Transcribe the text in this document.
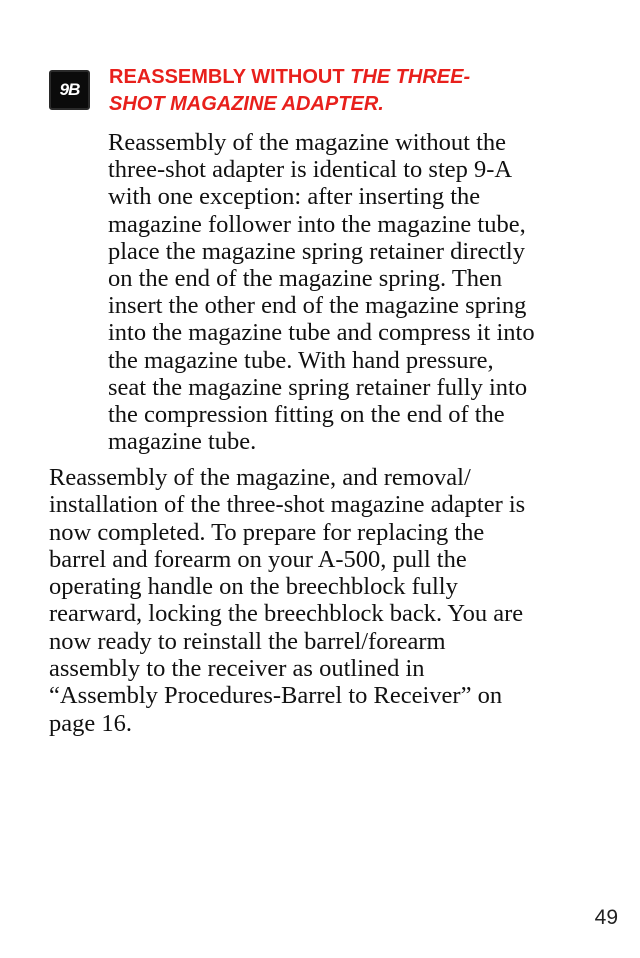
9B
REASSEMBLY WITHOUT THE THREE-
SHOT MAGAZINE ADAPTER.

Reassembly of the magazine without the
three-shot adapter is identical to step 9-A
with one exception: after inserting the
magazine follower into the magazine tube,
place the magazine spring retainer directly
on the end of the magazine spring. Then
insert the other end of the magazine spring
into the magazine tube and compress it into
the magazine tube. With hand pressure,
seat the magazine spring retainer fully into
the compression fitting on the end of the
magazine tube.

Reassembly of the magazine, and removal/
installation of the three-shot magazine adapter is
now completed. To prepare for replacing the
barrel and forearm on your A-500, pull the
operating handle on the breechblock fully
rearward, locking the breechblock back. You are
now ready to reinstall the barrel/forearm
assembly to the receiver as outlined in
“Assembly Procedures-Barrel to Receiver” on
page 16.

49
